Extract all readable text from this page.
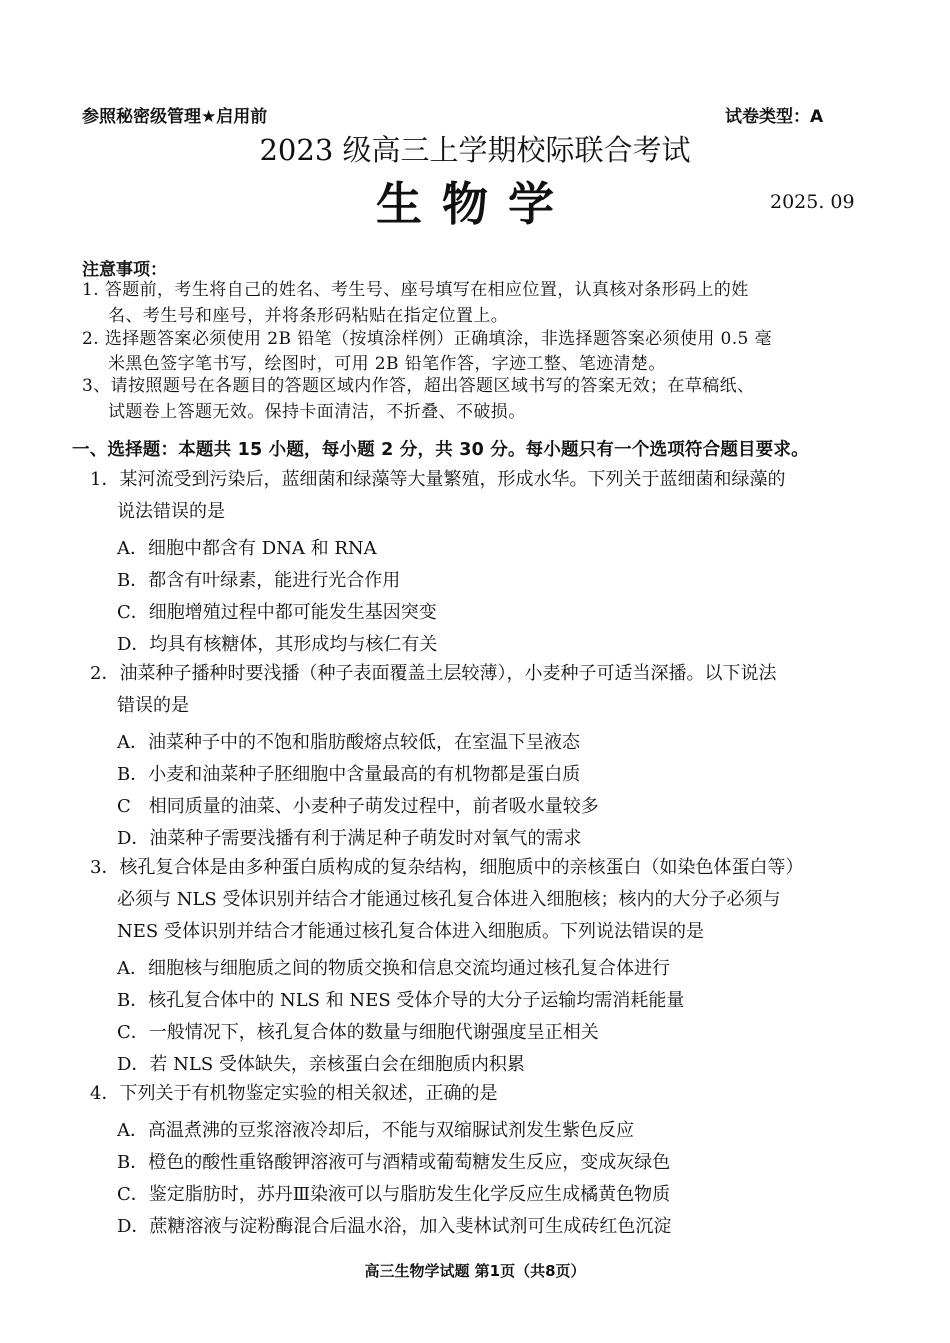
参照秘密级管理★启用前	试卷类型：A
2023 级高三上学期校际联合考试
生物学	2025. 09
注意事项：
1. 答题前，考生将自己的姓名、考生号、座号填写在相应位置，认真核对条形码上的姓
名、考生号和座号，并将条形码粘贴在指定位置上。
2. 选择题答案必须使用 2B 铅笔（按填涂样例）正确填涂，非选择题答案必须使用 0.5 毫
米黑色签字笔书写，绘图时，可用 2B 铅笔作答，字迹工整、笔迹清楚。
3、请按照题号在各题目的答题区域内作答，超出答题区域书写的答案无效；在草稿纸、
试题卷上答题无效。保持卡面清洁，不折叠、不破损。
一、选择题：本题共 15 小题，每小题 2 分，共 30 分。每小题只有一个选项符合题目要求。
1．某河流受到污染后，蓝细菌和绿藻等大量繁殖，形成水华。下列关于蓝细菌和绿藻的
说法错误的是
A．细胞中都含有 DNA 和 RNA
B．都含有叶绿素，能进行光合作用
C．细胞增殖过程中都可能发生基因突变
D．均具有核糖体，其形成均与核仁有关
2．油菜种子播种时要浅播（种子表面覆盖土层较薄），小麦种子可适当深播。以下说法
错误的是
A．油菜种子中的不饱和脂肪酸熔点较低，在室温下呈液态
B．小麦和油菜种子胚细胞中含量最高的有机物都是蛋白质
C　相同质量的油菜、小麦种子萌发过程中，前者吸水量较多
D．油菜种子需要浅播有利于满足种子萌发时对氧气的需求
3．核孔复合体是由多种蛋白质构成的复杂结构，细胞质中的亲核蛋白（如染色体蛋白等）
必须与 NLS 受体识别并结合才能通过核孔复合体进入细胞核；核内的大分子必须与
NES 受体识别并结合才能通过核孔复合体进入细胞质。下列说法错误的是
A．细胞核与细胞质之间的物质交换和信息交流均通过核孔复合体进行
B．核孔复合体中的 NLS 和 NES 受体介导的大分子运输均需消耗能量
C．一般情况下，核孔复合体的数量与细胞代谢强度呈正相关
D．若 NLS 受体缺失，亲核蛋白会在细胞质内积累
4．下列关于有机物鉴定实验的相关叙述，正确的是
A．高温煮沸的豆浆溶液冷却后，不能与双缩脲试剂发生紫色反应
B．橙色的酸性重铬酸钾溶液可与酒精或葡萄糖发生反应，变成灰绿色
C．鉴定脂肪时，苏丹Ⅲ染液可以与脂肪发生化学反应生成橘黄色物质
D．蔗糖溶液与淀粉酶混合后温水浴，加入斐林试剂可生成砖红色沉淀
高三生物学试题 第1页（共8页）
